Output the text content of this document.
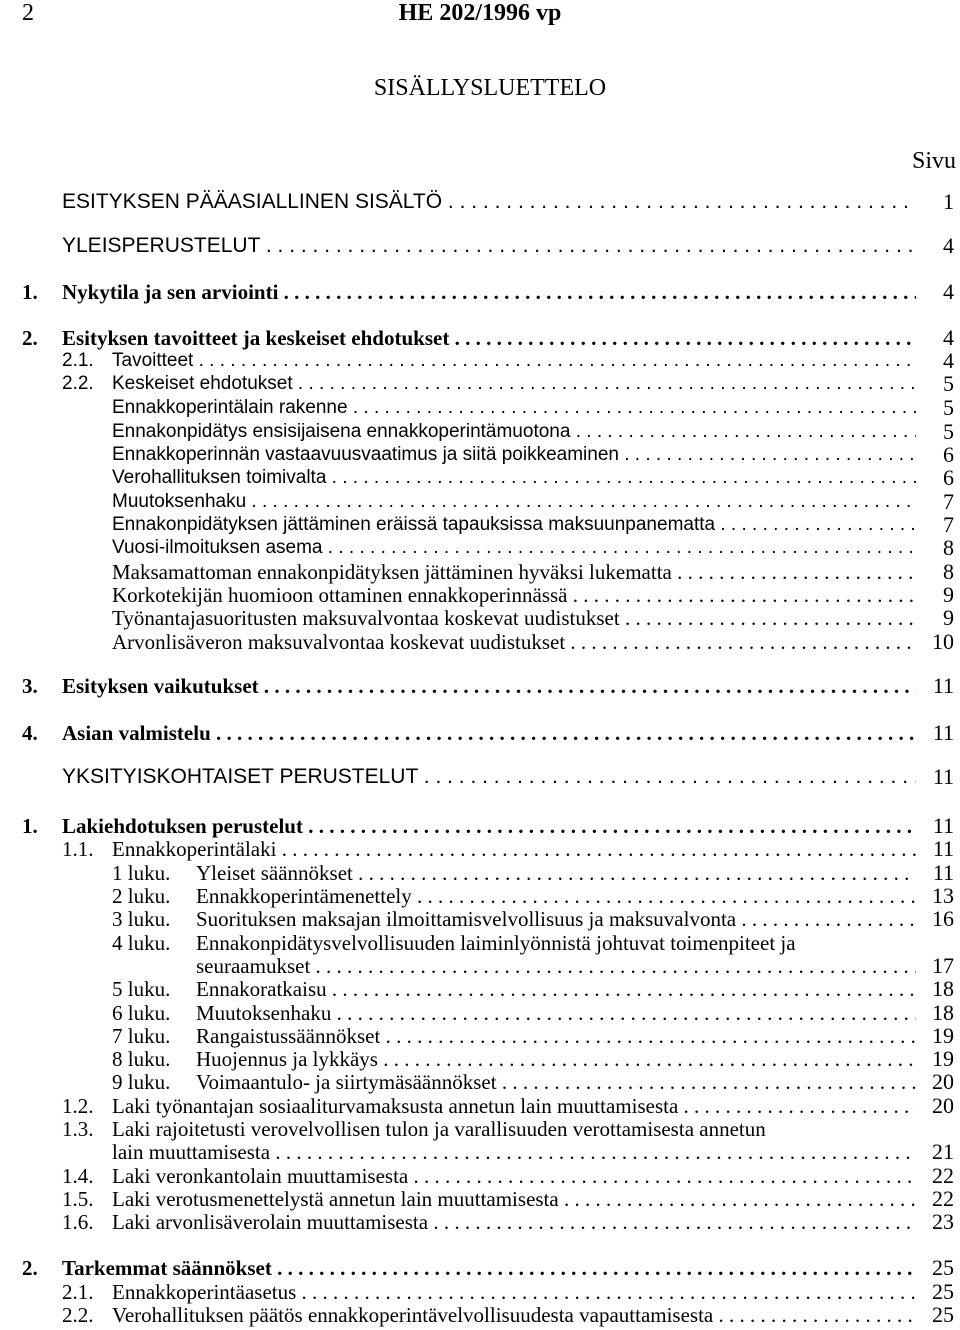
2	HE 202/1996 vp
SISÄLLYSLUETTELO
Sivu
ESITYKSEN PÄÄASIALLINEN SISÄLTÖ . . .	1
YLEISPERUSTELUT . . .	4
1. Nykytila ja sen arviointi . . .	4
2. Esityksen tavoitteet ja keskeiset ehdotukset . . .	4
2.1. Tavoitteet . . .	4
2.2. Keskeiset ehdotukset . . .	5
Ennakkoperintälain rakenne . . .	5
Ennakonpidätys ensisijaisena ennakkoperintämuotona . . .	5
Ennakkoperinnän vastaavuusvaatimus ja siitä poikkeaminen . . .	6
Verohallituksen toimivalta . . .	6
Muutoksenhaku . . .	7
Ennakonpidätyksen jättäminen eräissä tapauksissa maksuunpanematta . . .	7
Vuosi-ilmoituksen asema . . .	8
Maksamattoman ennakonpidätyksen jättäminen hyväksi lukematta . . .	8
Korkotekijän huomioon ottaminen ennakkoperinnässä . . .	9
Työnantajasuoritusten maksuvalvontaa koskevat uudistukset . . .	9
Arvonlisäveron maksuvalvontaa koskevat uudistukset . . .	10
3. Esityksen vaikutukset . . .	11
4. Asian valmistelu . . .	11
YKSITYISKOHTAISET PERUSTELUT . . .	11
1. Lakiehdotuksen perustelut . . .	11
1.1. Ennakkoperintälaki . . .	11
1 luku. Yleiset säännökset . . .	11
2 luku. Ennakkoperintämenettely . . .	13
3 luku. Suorituksen maksajan ilmoittamisvelvollisuus ja maksuvalvonta . . .	16
4 luku. Ennakonpidätysvelvollisuuden laiminlyönnistä johtuvat toimenpiteet ja
seuraamukset . . .	17
5 luku. Ennakoratkaisu . . .	18
6 luku. Muutoksenhaku . . .	18
7 luku. Rangaistussäännökset . . .	19
8 luku. Huojennus ja lykkäys . . .	19
9 luku. Voimaantulo- ja siirtymäsäännökset . . .	20
1.2. Laki työnantajan sosiaaliturvamaksusta annetun lain muuttamisesta . . .	20
1.3. Laki rajoitetusti verovelvollisen tulon ja varallisuuden verottamisesta annetun
lain muuttamisesta . . .	21
1.4. Laki veronkantolain muuttamisesta . . .	22
1.5. Laki verotusmenettelystä annetun lain muuttamisesta . . .	22
1.6. Laki arvonlisäverolain muuttamisesta . . .	23
2. Tarkemmat säännökset . . .	25
2.1. Ennakkoperintäasetus . . .	25
2.2. Verohallituksen päätös ennakkoperintävelvollisuudesta vapauttamisesta . . .	25
